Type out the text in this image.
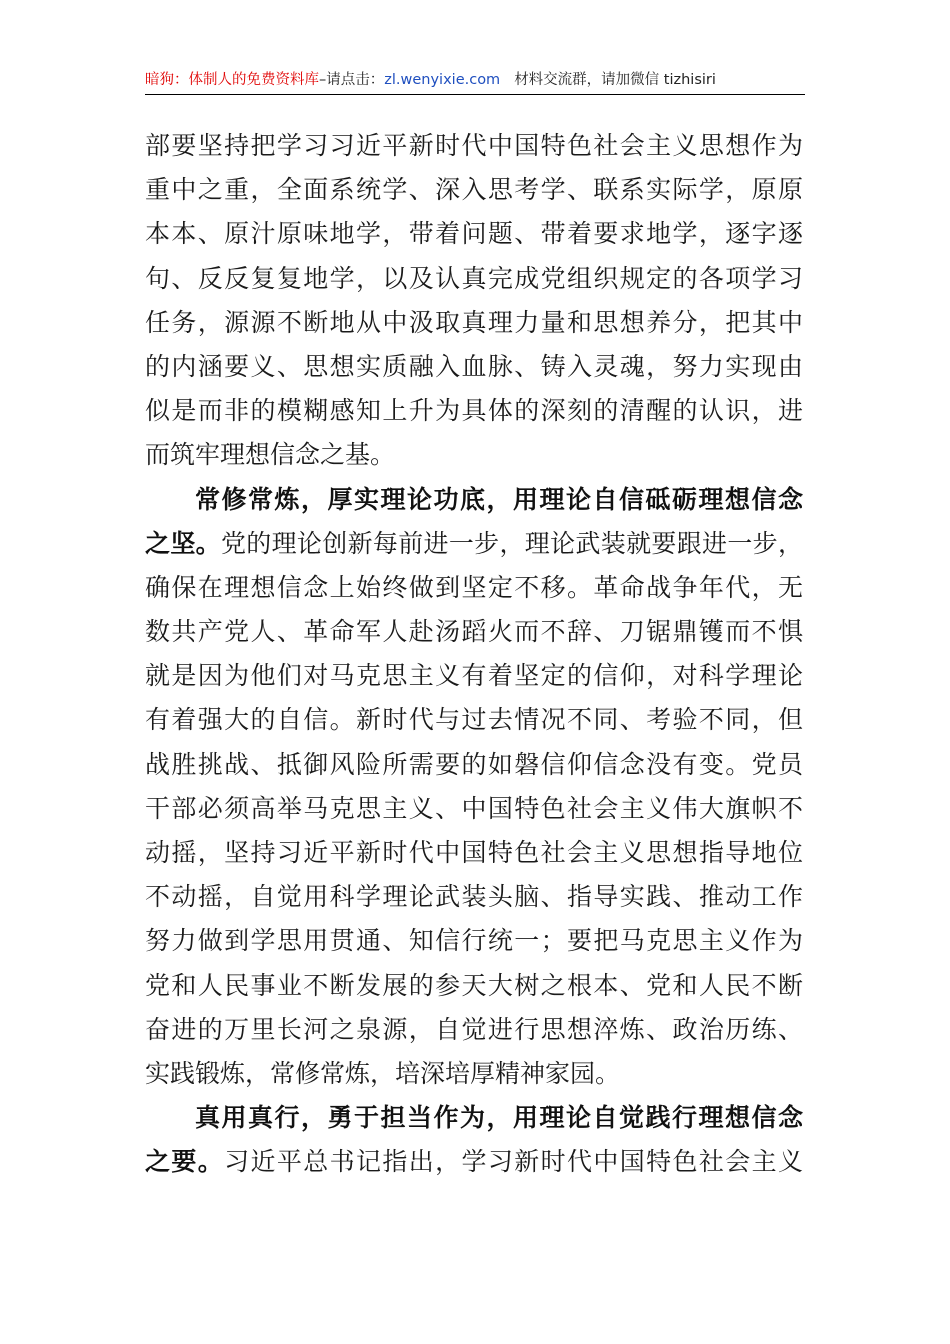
暗狗：体制人的免费资料库–请点击：zl.wenyixie.com 材料交流群，请加微信 tizhisiri
部要坚持把学习习近平新时代中国特色社会主义思想作为
重中之重，全面系统学、深入思考学、联系实际学，原原
本本、原汁原味地学，带着问题、带着要求地学，逐字逐
句、反反复复地学，以及认真完成党组织规定的各项学习
任务，源源不断地从中汲取真理力量和思想养分，把其中
的内涵要义、思想实质融入血脉、铸入灵魂，努力实现由
似是而非的模糊感知上升为具体的深刻的清醒的认识，进
而筑牢理想信念之基。
常修常炼，厚实理论功底，用理论自信砥砺理想信念
之坚。党的理论创新每前进一步，理论武装就要跟进一步，
确保在理想信念上始终做到坚定不移。革命战争年代，无
数共产党人、革命军人赴汤蹈火而不辞、刀锯鼎镬而不惧
就是因为他们对马克思主义有着坚定的信仰，对科学理论
有着强大的自信。新时代与过去情况不同、考验不同，但
战胜挑战、抵御风险所需要的如磐信仰信念没有变。党员
干部必须高举马克思主义、中国特色社会主义伟大旗帜不
动摇，坚持习近平新时代中国特色社会主义思想指导地位
不动摇，自觉用科学理论武装头脑、指导实践、推动工作
努力做到学思用贯通、知信行统一；要把马克思主义作为
党和人民事业不断发展的参天大树之根本、党和人民不断
奋进的万里长河之泉源，自觉进行思想淬炼、政治历练、
实践锻炼，常修常炼，培深培厚精神家园。
真用真行，勇于担当作为，用理论自觉践行理想信念
之要。习近平总书记指出，学习新时代中国特色社会主义
